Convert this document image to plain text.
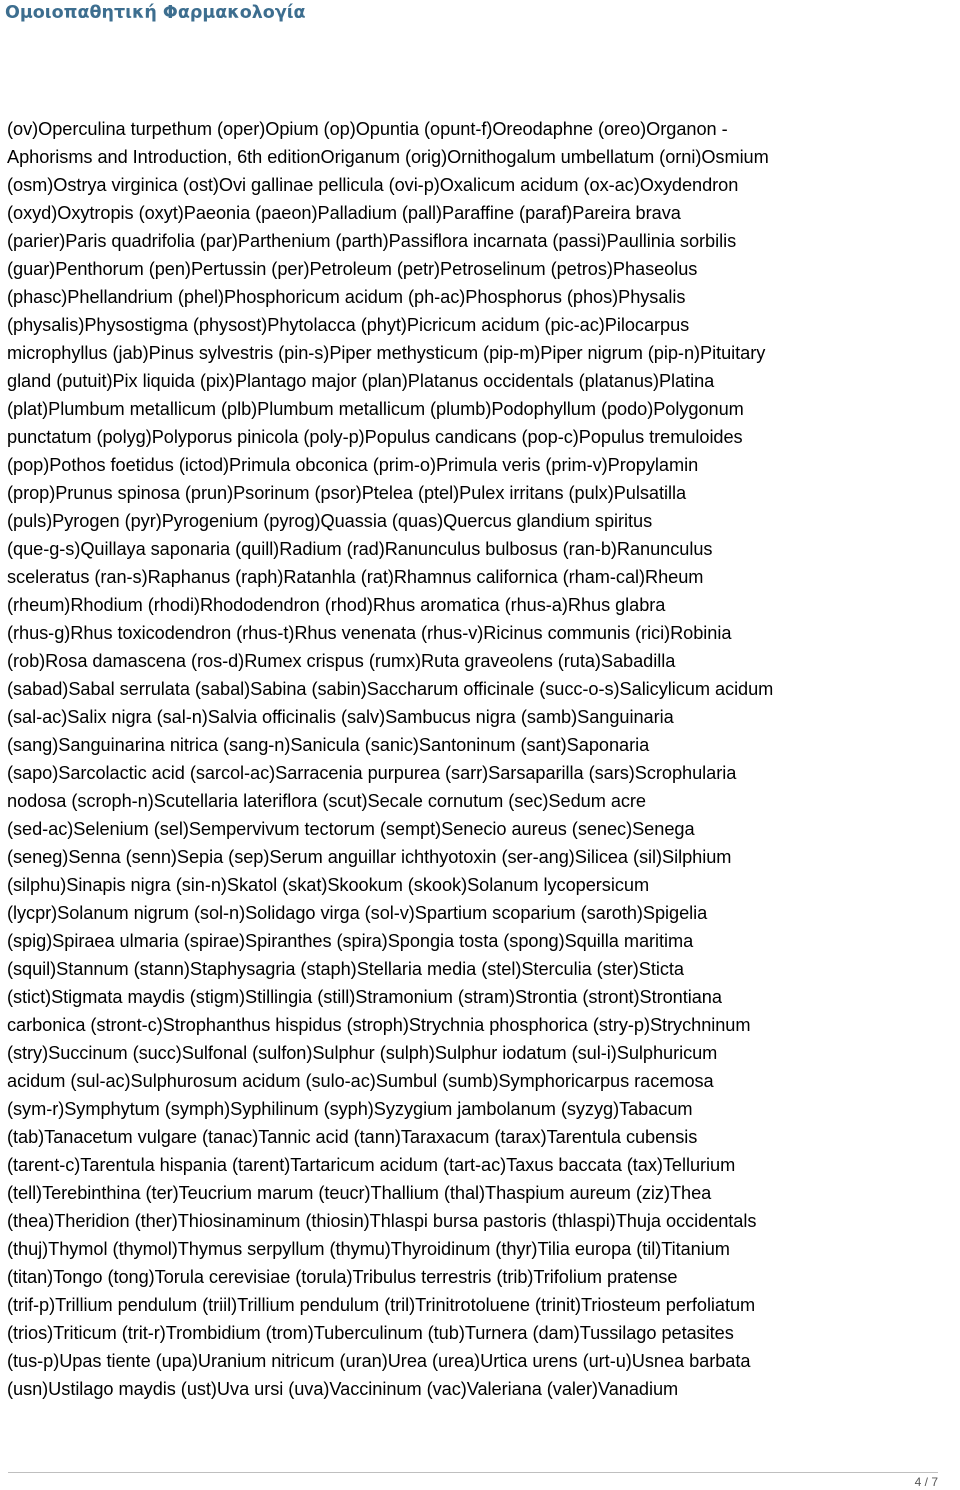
Ομοιοπαθητική Φαρμακολογία
(ov)Operculina turpethum (oper)Opium (op)Opuntia (opunt-f)Oreodaphne (oreo)Organon -
Aphorisms and Introduction, 6th editionOriganum (orig)Ornithogalum umbellatum (orni)Osmium
(osm)Ostrya virginica (ost)Ovi gallinae pellicula (ovi-p)Oxalicum acidum (ox-ac)Oxydendron
(oxyd)Oxytropis (oxyt)Paeonia (paeon)Palladium (pall)Paraffine (paraf)Pareira brava
(parier)Paris quadrifolia (par)Parthenium (parth)Passiflora incarnata (passi)Paullinia sorbilis
(guar)Penthorum (pen)Pertussin (per)Petroleum (petr)Petroselinum (petros)Phaseolus
(phasc)Phellandrium (phel)Phosphoricum acidum (ph-ac)Phosphorus (phos)Physalis
(physalis)Physostigma (physost)Phytolacca (phyt)Picricum acidum (pic-ac)Pilocarpus
microphyllus (jab)Pinus sylvestris (pin-s)Piper methysticum (pip-m)Piper nigrum (pip-n)Pituitary
gland (putuit)Pix liquida (pix)Plantago major (plan)Platanus occidentals (platanus)Platina
(plat)Plumbum metallicum (plb)Plumbum metallicum (plumb)Podophyllum (podo)Polygonum
punctatum (polyg)Polyporus pinicola (poly-p)Populus candicans (pop-c)Populus tremuloides
(pop)Pothos foetidus (ictod)Primula obconica (prim-o)Primula veris (prim-v)Propylamin
(prop)Prunus spinosa (prun)Psorinum (psor)Ptelea (ptel)Pulex irritans (pulx)Pulsatilla
(puls)Pyrogen (pyr)Pyrogenium (pyrog)Quassia (quas)Quercus glandium spiritus
(que-g-s)Quillaya saponaria (quill)Radium (rad)Ranunculus bulbosus (ran-b)Ranunculus
sceleratus (ran-s)Raphanus (raph)Ratanhla (rat)Rhamnus californica (rham-cal)Rheum
(rheum)Rhodium (rhodi)Rhododendron (rhod)Rhus aromatica (rhus-a)Rhus glabra
(rhus-g)Rhus toxicodendron (rhus-t)Rhus venenata (rhus-v)Ricinus communis (rici)Robinia
(rob)Rosa damascena (ros-d)Rumex crispus (rumx)Ruta graveolens (ruta)Sabadilla
(sabad)Sabal serrulata (sabal)Sabina (sabin)Saccharum officinale (succ-o-s)Salicylicum acidum
(sal-ac)Salix nigra (sal-n)Salvia officinalis (salv)Sambucus nigra (samb)Sanguinaria
(sang)Sanguinarina nitrica (sang-n)Sanicula (sanic)Santoninum (sant)Saponaria
(sapo)Sarcolactic acid (sarcol-ac)Sarracenia purpurea (sarr)Sarsaparilla (sars)Scrophularia
nodosa (scroph-n)Scutellaria lateriflora (scut)Secale cornutum (sec)Sedum acre
(sed-ac)Selenium (sel)Sempervivum tectorum (sempt)Senecio aureus (senec)Senega
(seneg)Senna (senn)Sepia (sep)Serum anguillar ichthyotoxin (ser-ang)Silicea (sil)Silphium
(silphu)Sinapis nigra (sin-n)Skatol (skat)Skookum (skook)Solanum lycopersicum
(lycpr)Solanum nigrum (sol-n)Solidago virga (sol-v)Spartium scoparium (saroth)Spigelia
(spig)Spiraea ulmaria (spirae)Spiranthes (spira)Spongia tosta (spong)Squilla maritima
(squil)Stannum (stann)Staphysagria (staph)Stellaria media (stel)Sterculia (ster)Sticta
(stict)Stigmata maydis (stigm)Stillingia (still)Stramonium (stram)Strontia (stront)Strontiana
carbonica (stront-c)Strophanthus hispidus (stroph)Strychnia phosphorica (stry-p)Strychninum
(stry)Succinum (succ)Sulfonal (sulfon)Sulphur (sulph)Sulphur iodatum (sul-i)Sulphuricum
acidum (sul-ac)Sulphurosum acidum (sulo-ac)Sumbul (sumb)Symphoricarpus racemosa
(sym-r)Symphytum (symph)Syphilinum (syph)Syzygium jambolanum (syzyg)Tabacum
(tab)Tanacetum vulgare (tanac)Tannic acid (tann)Taraxacum (tarax)Tarentula cubensis
(tarent-c)Tarentula hispania (tarent)Tartaricum acidum (tart-ac)Taxus baccata (tax)Tellurium
(tell)Terebinthina (ter)Teucrium marum (teucr)Thallium (thal)Thaspium aureum (ziz)Thea
(thea)Theridion (ther)Thiosinaminum (thiosin)Thlaspi bursa pastoris (thlaspi)Thuja occidentals
(thuj)Thymol (thymol)Thymus serpyllum (thymu)Thyroidinum (thyr)Tilia europa (til)Titanium
(titan)Tongo (tong)Torula cerevisiae (torula)Tribulus terrestris (trib)Trifolium pratense
(trif-p)Trillium pendulum (triil)Trillium pendulum (tril)Trinitrotoluene (trinit)Triosteum perfoliatum
(trios)Triticum (trit-r)Trombidium (trom)Tuberculinum (tub)Turnera (dam)Tussilago petasites
(tus-p)Upas tiente (upa)Uranium nitricum (uran)Urea (urea)Urtica urens (urt-u)Usnea barbata
(usn)Ustilago maydis (ust)Uva ursi (uva)Vaccininum (vac)Valeriana (valer)Vanadium
4 / 7
